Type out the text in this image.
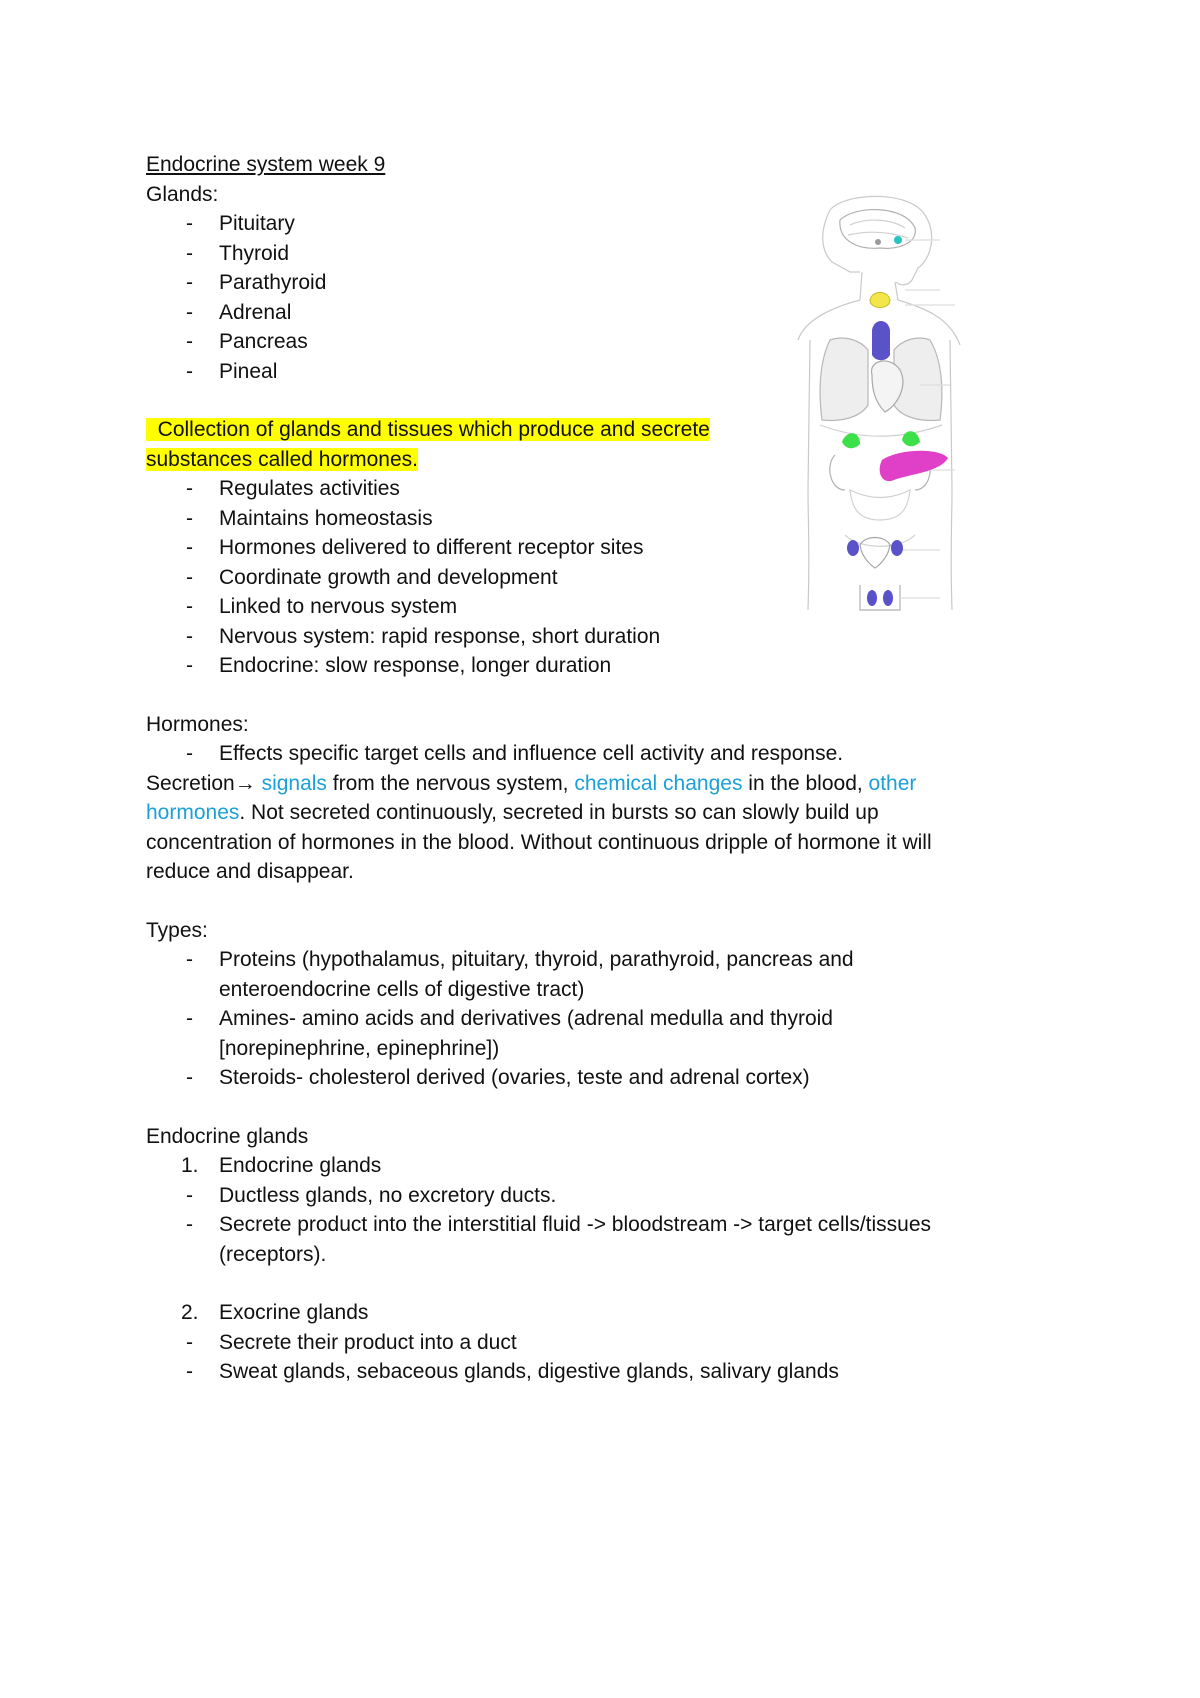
Endocrine system week 9

Glands:

- Pituitary
- Thyroid
- Parathyroid
- Adrenal
- Pancreas
- Pineal

Collection of glands and tissues which produce and secrete

substances called hormones.

- Regulates activities
- Maintains homeostasis
- Hormones delivered to different receptor sites
- Coordinate growth and development
- Linked to nervous system
- Nervous system: rapid response, short duration
- Endocrine: slow response, longer duration

Hormones:

- Effects specific target cells and influence cell activity and response.

Secretion→ signals from the nervous system, chemical changes in the blood, other hormones. Not secreted continuously, secreted in bursts so can slowly build up concentration of hormones in the blood. Without continuous dripple of hormone it will reduce and disappear.

Types:

- Proteins (hypothalamus, pituitary, thyroid, parathyroid, pancreas and enteroendocrine cells of digestive tract)
- Amines- amino acids and derivatives (adrenal medulla and thyroid [norepinephrine, epinephrine])
- Steroids- cholesterol derived (ovaries, teste and adrenal cortex)

Endocrine glands

1. Endocrine glands
- Ductless glands, no excretory ducts.
- Secrete product into the interstitial fluid -> bloodstream -> target cells/tissues (receptors).
2. Exocrine glands
- Secrete their product into a duct
- Sweat glands, sebaceous glands, digestive glands, salivary glands
